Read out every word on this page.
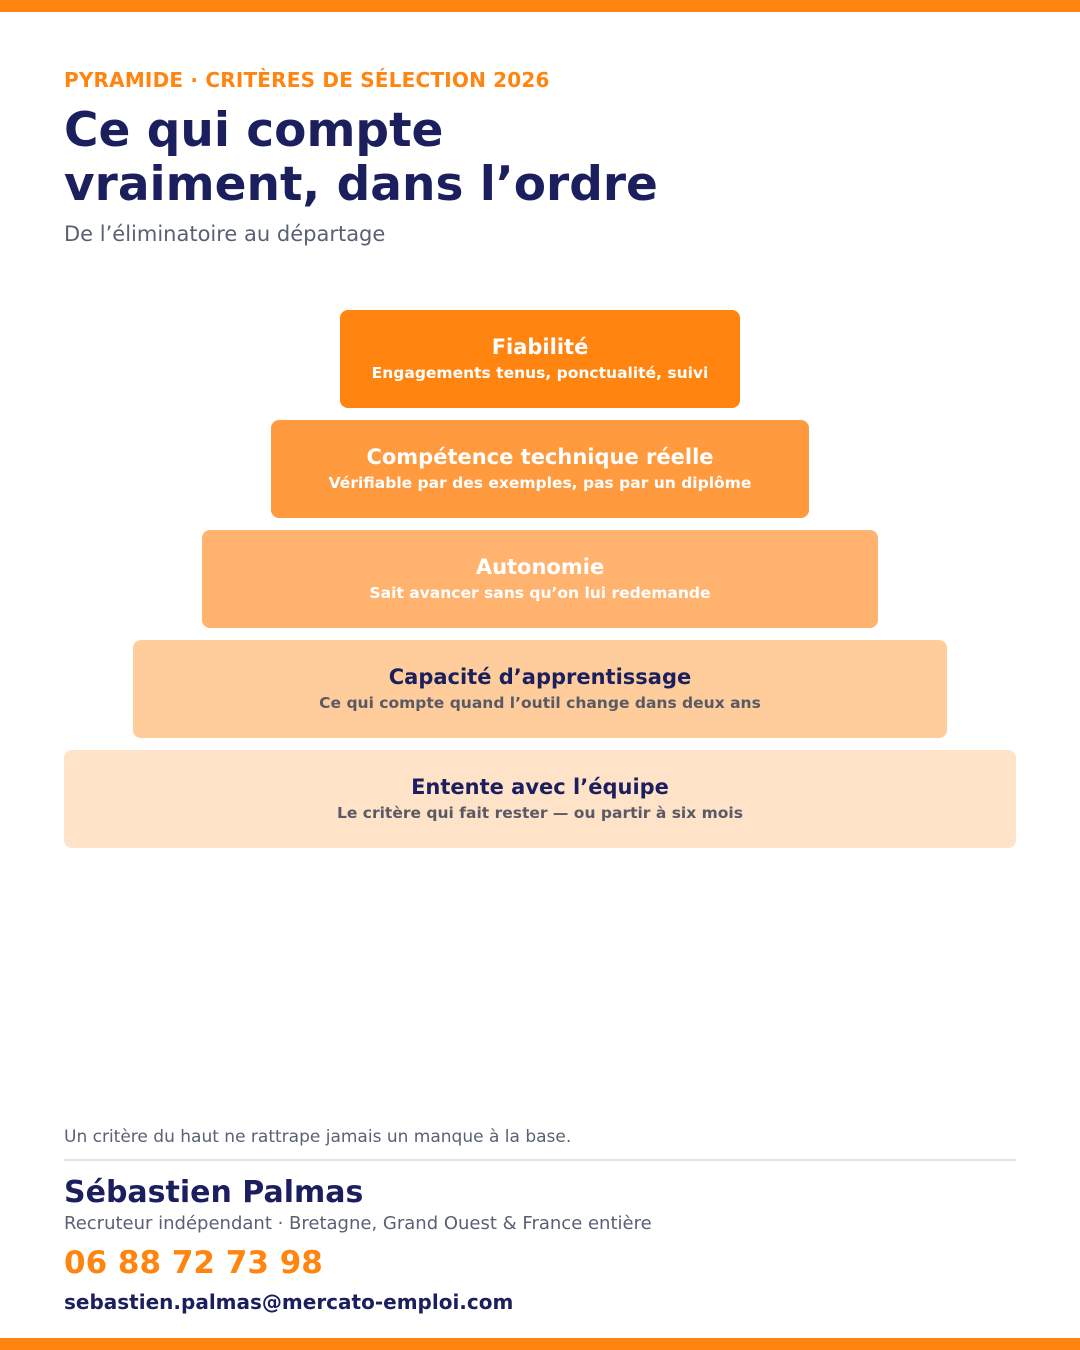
PYRAMIDE · CRITÈRES DE SÉLECTION 2026
Ce qui compte
vraiment, dans l’ordre
De l’éliminatoire au départage
Fiabilité
Engagements tenus, ponctualité, suivi
Compétence technique réelle
Vérifiable par des exemples, pas par un diplôme
Autonomie
Sait avancer sans qu’on lui redemande
Capacité d’apprentissage
Ce qui compte quand l’outil change dans deux ans
Entente avec l’équipe
Le critère qui fait rester — ou partir à six mois
Un critère du haut ne rattrape jamais un manque à la base.
Sébastien Palmas
Recruteur indépendant · Bretagne, Grand Ouest & France entière
06 88 72 73 98
sebastien.palmas@mercato-emploi.com
